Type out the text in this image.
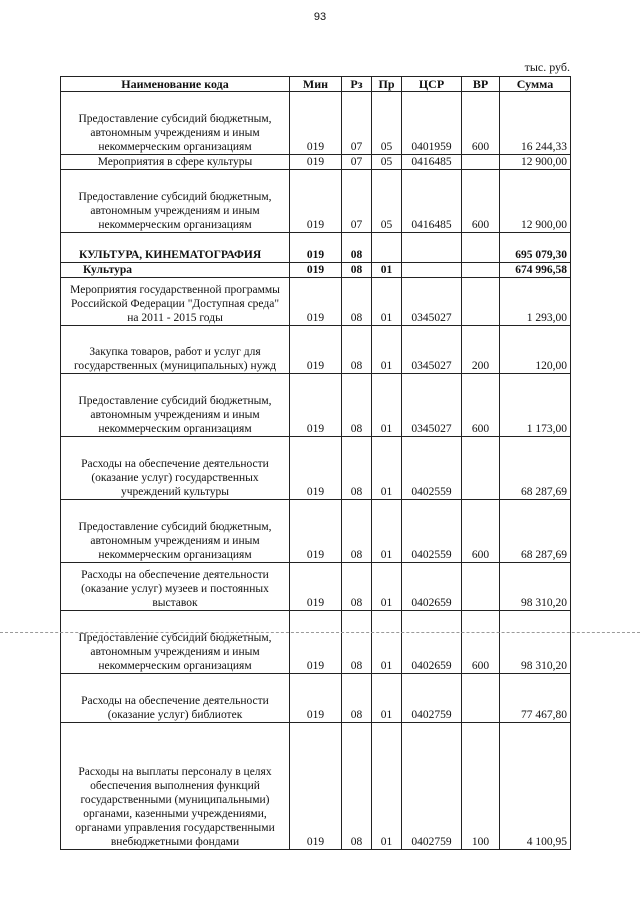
93
тыс. руб.
Наименование кода	Мин	Рз	Пр	ЦСР	ВР	Сумма
Предоставление субсидий бюджетным, автономным учреждениям и иным некоммерческим организациям	019	07	05	0401959	600	16 244,33
Мероприятия в сфере культуры	019	07	05	0416485		12 900,00
Предоставление субсидий бюджетным, автономным учреждениям и иным некоммерческим организациям	019	07	05	0416485	600	12 900,00
КУЛЬТУРА, КИНЕМАТОГРАФИЯ	019	08				695 079,30
Культура	019	08	01			674 996,58
Мероприятия государственной программы Российской Федерации "Доступная среда" на 2011 - 2015 годы	019	08	01	0345027		1 293,00
Закупка товаров, работ и услуг для государственных (муниципальных) нужд	019	08	01	0345027	200	120,00
Предоставление субсидий бюджетным, автономным учреждениям и иным некоммерческим организациям	019	08	01	0345027	600	1 173,00
Расходы на обеспечение деятельности (оказание услуг) государственных учреждений культуры	019	08	01	0402559		68 287,69
Предоставление субсидий бюджетным, автономным учреждениям и иным некоммерческим организациям	019	08	01	0402559	600	68 287,69
Расходы на обеспечение деятельности (оказание услуг) музеев и постоянных выставок	019	08	01	0402659		98 310,20
Предоставление субсидий бюджетным, автономным учреждениям и иным некоммерческим организациям	019	08	01	0402659	600	98 310,20
Расходы на обеспечение деятельности (оказание услуг) библиотек	019	08	01	0402759		77 467,80
Расходы на выплаты персоналу в целях обеспечения выполнения функций государственными (муниципальными) органами, казенными учреждениями, органами управления государственными внебюджетными фондами	019	08	01	0402759	100	4 100,95
